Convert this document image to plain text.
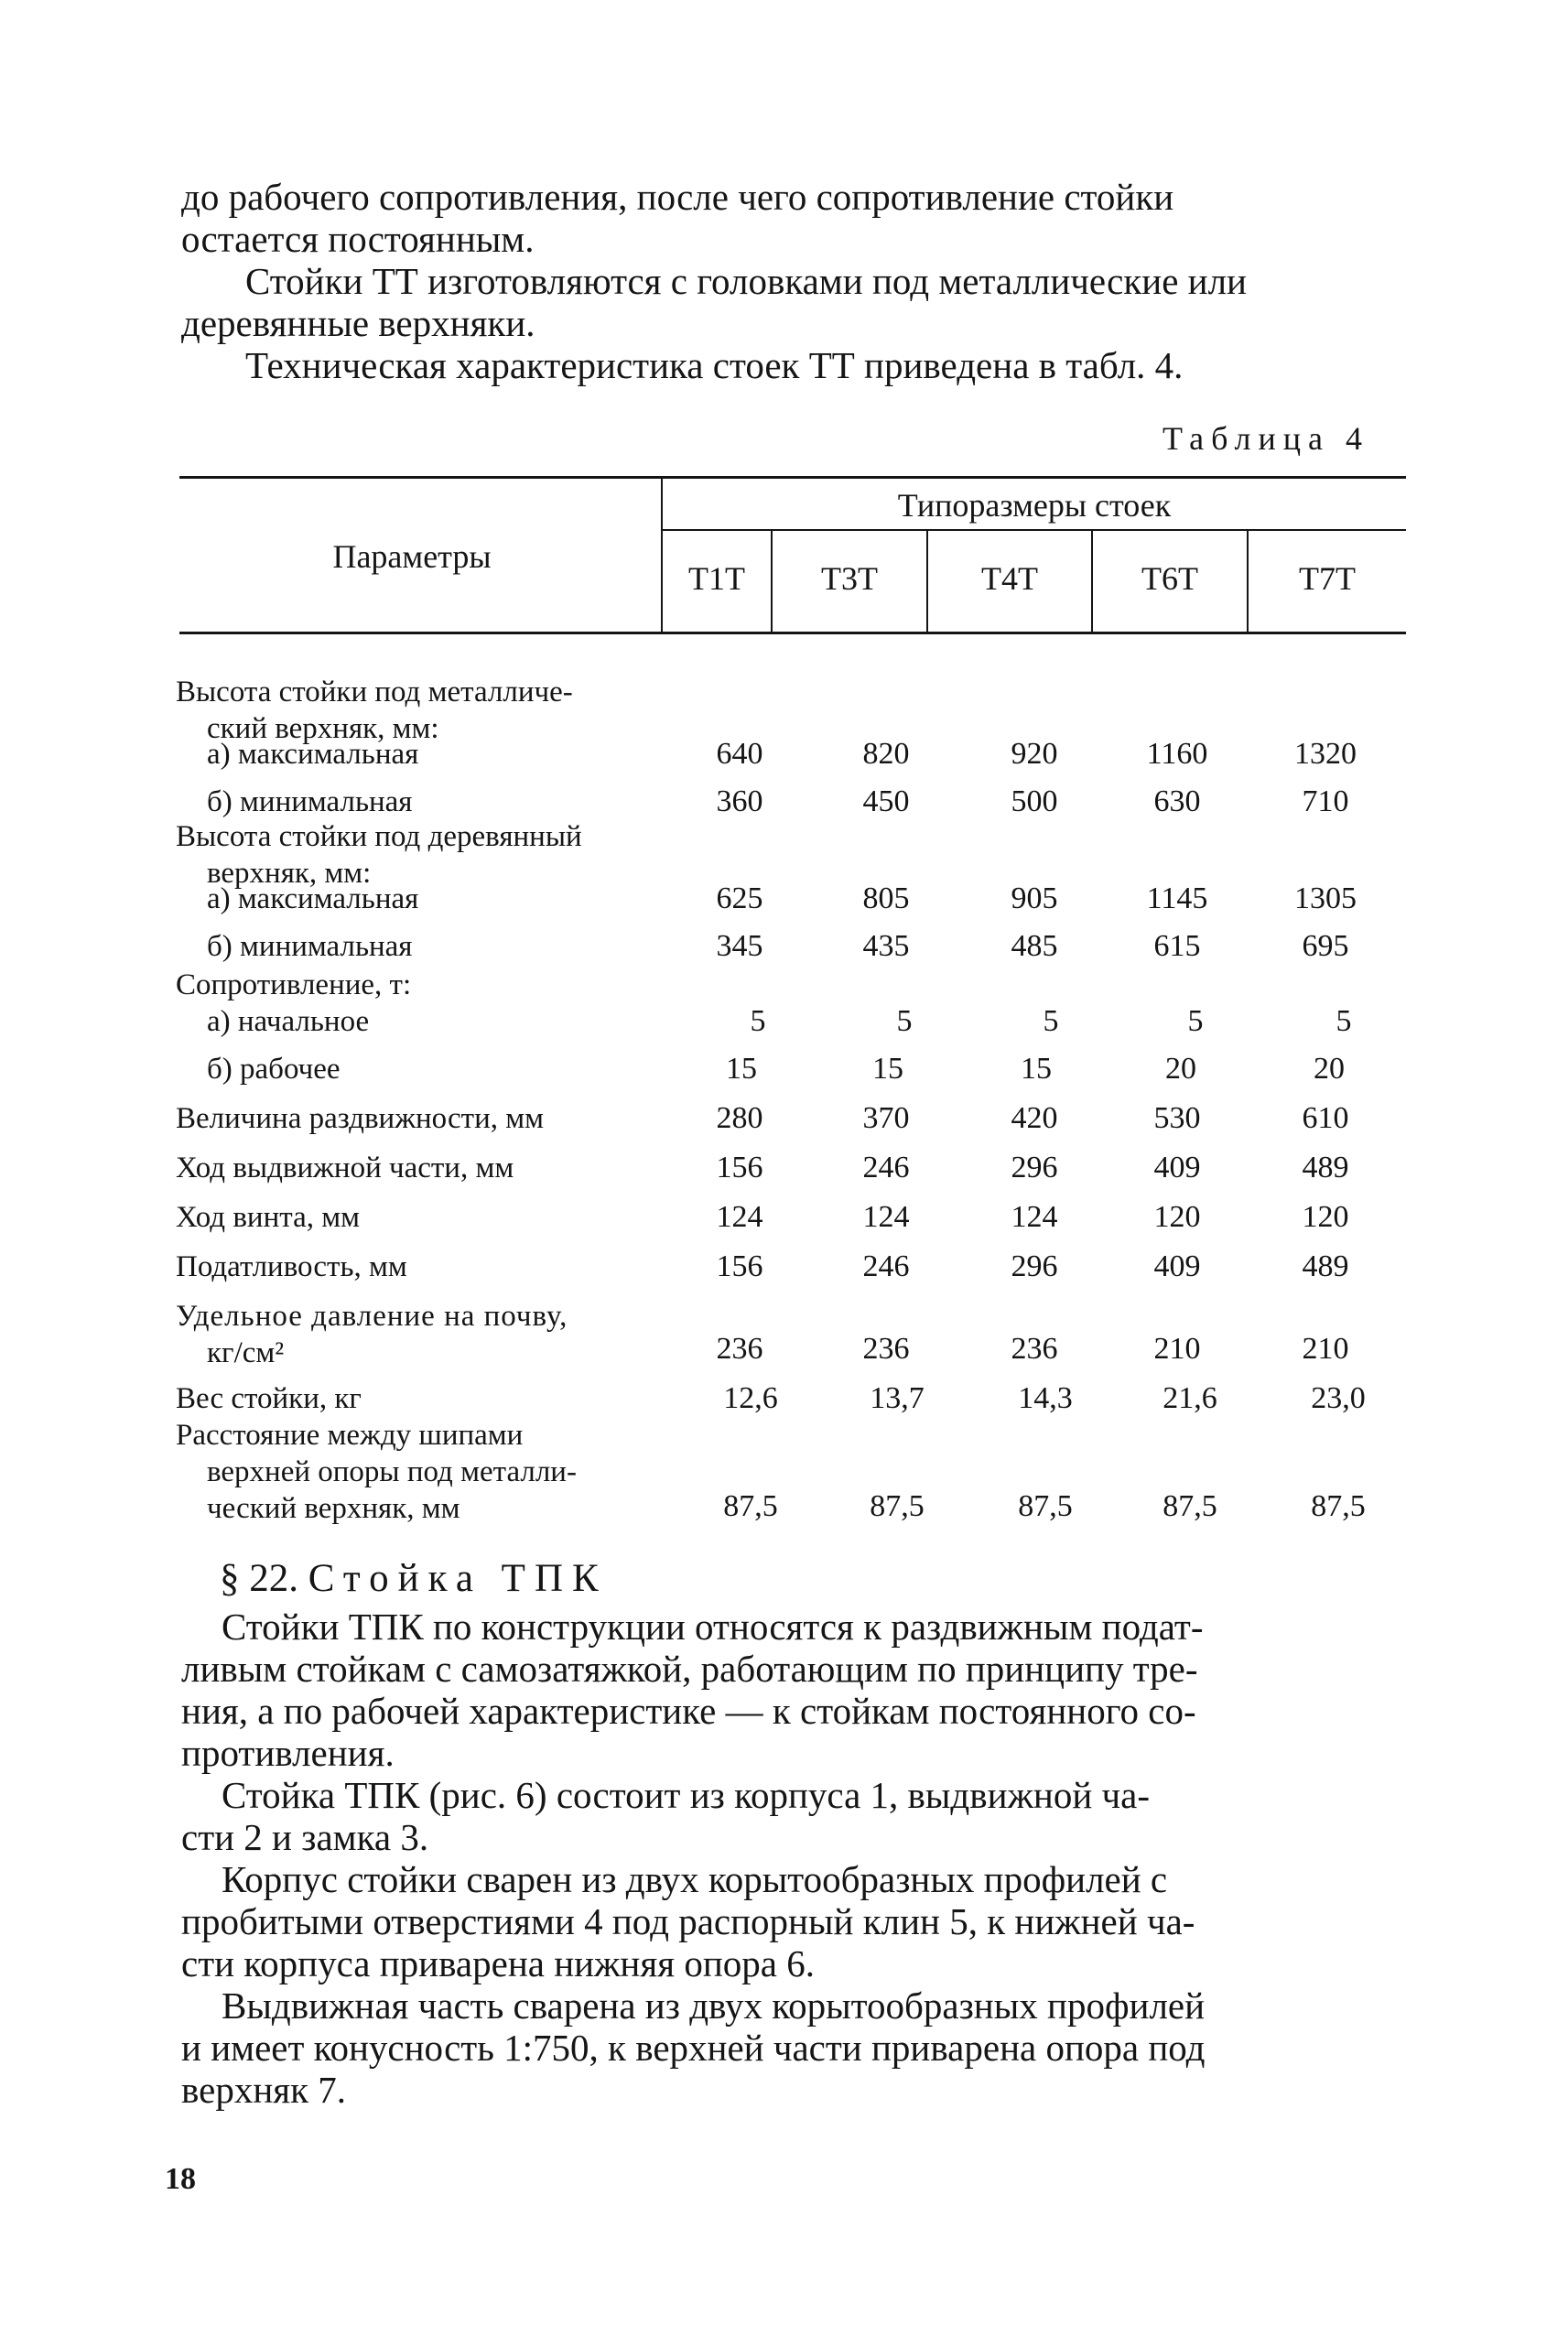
до рабочего сопротивления, после чего сопротивление стойки
остается постоянным.

Стойки ТТ изготовляются с головками под металлические или
деревянные верхняки.

Техническая характеристика стоек ТТ приведена в табл. 4.

Таблица 4
Параметры
Типоразмеры стоек
Т1Т	Т3Т	Т4Т	Т6Т	Т7Т
Высота стойки под металличе-
ский верхняк, мм:
а) максимальная	640	820	920	1160	1320
б) минимальная	360	450	500	630	710
Высота стойки под деревянный
верхняк, мм:
а) максимальная	625	805	905	1145	1305
б) минимальная	345	435	485	615	695
Сопротивление, т:
а) начальное	5	5	5	5	5
б) рабочее	15	15	15	20	20
Величина раздвижности, мм	280	370	420	530	610
Ход выдвижной части, мм	156	246	296	409	489
Ход винта, мм	124	124	124	120	120
Податливость, мм	156	246	296	409	489
Удельное давление на почву,
кг/см²	236	236	236	210	210
Вес стойки, кг	12,6	13,7	14,3	21,6	23,0
Расстояние между шипами
верхней опоры под металли-
ческий верхняк, мм	87,5	87,5	87,5	87,5	87,5
§ 22. Стойка ТПК

Стойки ТПК по конструкции относятся к раздвижным подат-
ливым стойкам с самозатяжкой, работающим по принципу тре-
ния, а по рабочей характеристике — к стойкам постоянного со-
противления.

Стойка ТПК (рис. 6) состоит из корпуса 1, выдвижной ча-
сти 2 и замка 3.

Корпус стойки сварен из двух корытообразных профилей с
пробитыми отверстиями 4 под распорный клин 5, к нижней ча-
сти корпуса приварена нижняя опора 6.

Выдвижная часть сварена из двух корытообразных профилей
и имеет конусность 1:750, к верхней части приварена опора под
верхняк 7.

18
